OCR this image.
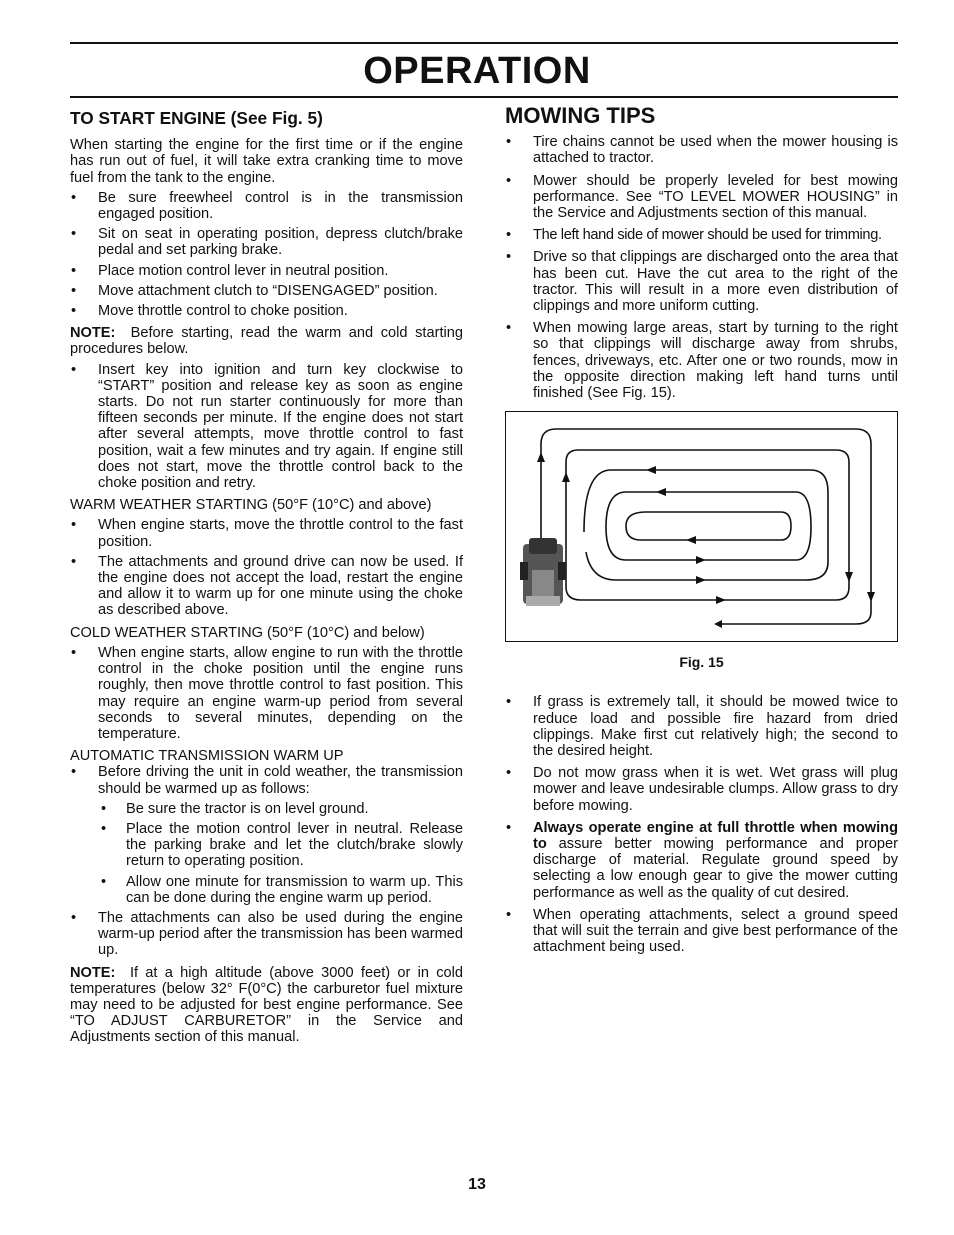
OPERATION
TO START ENGINE (See Fig. 5)

When starting the engine for the first time or if the engine has run out of fuel, it will take extra cranking time to move fuel from the tank to the engine.

• Be sure freewheel control is in the transmission engaged position.
• Sit on seat in operating position, depress clutch/brake pedal and set parking brake.
• Place motion control lever in neutral position.
• Move attachment clutch to “DISENGAGED” position.
• Move throttle control to choke position.

NOTE: Before starting, read the warm and cold starting procedures below.

• Insert key into ignition and turn key clockwise to “START” position and release key as soon as engine starts. Do not run starter continuously for more than fifteen seconds per minute. If the engine does not start after several attempts, move throttle control to fast position, wait a few minutes and try again. If engine still does not start, move the throttle control back to the choke position and retry.

WARM WEATHER STARTING (50°F (10°C) and above)

• When engine starts, move the throttle control to the fast position.
• The attachments and ground drive can now be used. If the engine does not accept the load, restart the engine and allow it to warm up for one minute using the choke as described above.

COLD WEATHER STARTING (50°F (10°C) and below)

• When engine starts, allow engine to run with the throttle control in the choke position until the engine runs roughly, then move throttle control to fast position. This may require an engine warm-up period from several seconds to several minutes, depending on the temperature.

AUTOMATIC TRANSMISSION WARM UP

• Before driving the unit in cold weather, the transmission should be warmed up as follows:
• Be sure the tractor is on level ground.
• Place the motion control lever in neutral. Release the parking brake and let the clutch/brake slowly return to operating position.
• Allow one minute for transmission to warm up. This can be done during the engine warm up period.
• The attachments can also be used during the engine warm-up period after the transmission has been warmed up.

NOTE: If at a high altitude (above 3000 feet) or in cold temperatures (below 32° F(0°C) the carburetor fuel mixture may need to be adjusted for best engine performance. See “TO ADJUST CARBURETOR” in the Service and Adjustments section of this manual.

MOWING TIPS
• Tire chains cannot be used when the mower housing is attached to tractor.
• Mower should be properly leveled for best mowing performance. See “TO LEVEL MOWER HOUSING” in the Service and Adjustments section of this manual.
• The left hand side of mower should be used for trimming.
• Drive so that clippings are discharged onto the area that has been cut. Have the cut area to the right of the tractor. This will result in a more even distribution of clippings and more uniform cutting.
• When mowing large areas, start by turning to the right so that clippings will discharge away from shrubs, fences, driveways, etc. After one or two rounds, mow in the opposite direction making left hand turns until finished (See Fig. 15).
Fig. 15
• If grass is extremely tall, it should be mowed twice to reduce load and possible fire hazard from dried clippings. Make first cut relatively high; the second to the desired height.
• Do not mow grass when it is wet. Wet grass will plug mower and leave undesirable clumps. Allow grass to dry before mowing.
• Always operate engine at full throttle when mowing to assure better mowing performance and proper discharge of material. Regulate ground speed by selecting a low enough gear to give the mower cutting performance as well as the quality of cut desired.
• When operating attachments, select a ground speed that will suit the terrain and give best performance of the attachment being used.
13
